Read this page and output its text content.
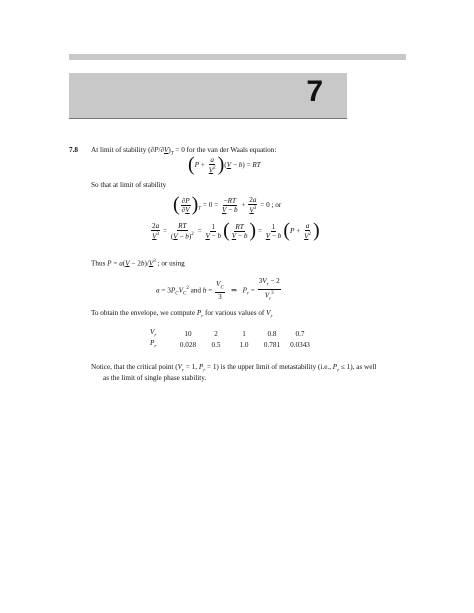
7
7.8 At limit of stability $(\partial P/\partial V)_T = 0$ for the van der Waals equation:
$(P + \frac{a}{V^2} )(V - b)$ = RT
So that at limit of stability
( $\frac{\partial P}{\partial V} )_T = 0 = \frac{-RT}{V - b} + \frac{2a}{V^3} = 0$ ; or
$\frac{2a}{V^3} = \frac{RT}{(V - b)^2} = \frac{1}{V - b}$ ( $\frac{RT}{V - b}$ ) = $\frac{1}{V - b} (P + \frac{a}{V^2}$ )
Thus $P = a(V - 2b)/V^3$ ; or using
$a = 3P_CV_C^2$ and $b = \frac{V_C}{3}$ ⇒   $P_r = \frac{3V_r - 2}{V_r^3}$
To obtain the envelope, we compute $P_r$ for various values of $V_r$
$V_r$	10	2	1	0.8	0.7
$P_r$	0.028	0.5	1.0	0.781	0.0343
Notice, that the critical point ($V_r = 1$, $P_r = 1$) is the upper limit of metastability (i.e., $P_r \le 1$), as well
as the limit of single phase stability.
